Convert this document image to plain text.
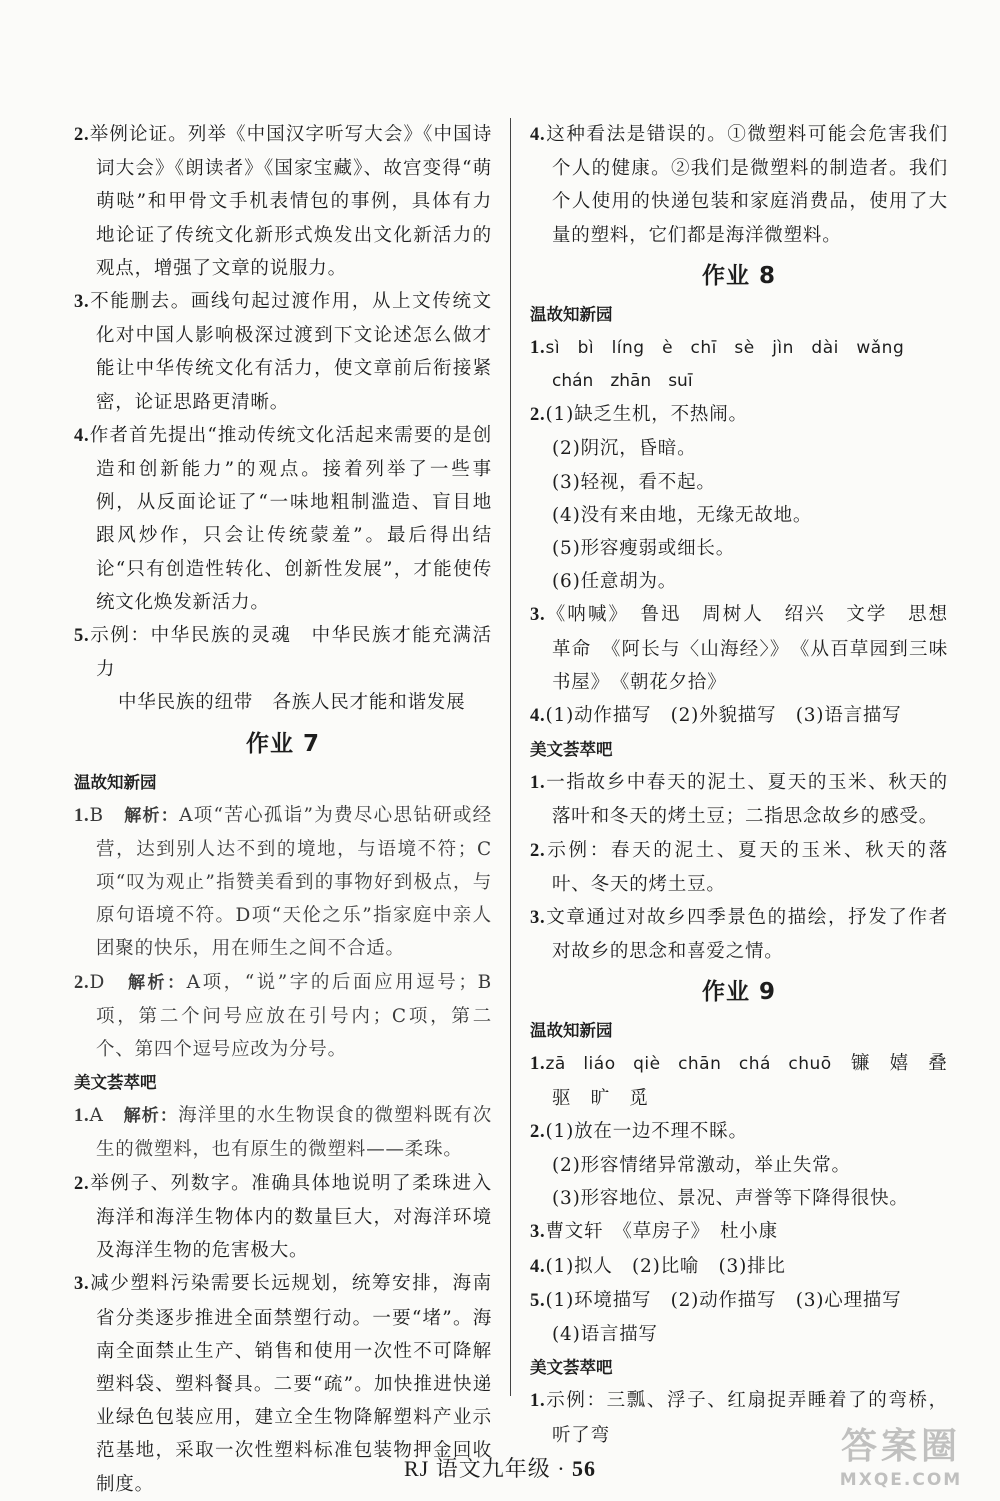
2.举例论证。列举《中国汉字听写大会》《中国诗词大会》《朗读者》《国家宝藏》、故宫变得“萌萌哒”和甲骨文手机表情包的事例，具体有力地论证了传统文化新形式焕发出文化新活力的观点，增强了文章的说服力。

3.不能删去。画线句起过渡作用，从上文传统文化对中国人影响极深过渡到下文论述怎么做才能让中华传统文化有活力，使文章前后衔接紧密，论证思路更清晰。

4.作者首先提出“推动传统文化活起来需要的是创造和创新能力”的观点。接着列举了一些事例，从反面论证了“一味地粗制滥造、盲目地跟风炒作，只会让传统蒙羞”。最后得出结论“只有创造性转化、创新性发展”，才能使传统文化焕发新活力。

5.示例：中华民族的灵魂　中华民族才能充满活力

中华民族的纽带　各族人民才能和谐发展
作业 7
温故知新园

1.B　解析：A项“苦心孤诣”为费尽心思钻研或经营，达到别人达不到的境地，与语境不符；C项“叹为观止”指赞美看到的事物好到极点，与原句语境不符。D项“天伦之乐”指家庭中亲人团聚的快乐，用在师生之间不合适。

2.D　解析：A项，“说”字的后面应用逗号；B项，第二个问号应放在引号内；C项，第二个、第四个逗号应改为分号。

美文荟萃吧

1.A　解析：海洋里的水生物误食的微塑料既有次生的微塑料，也有原生的微塑料——柔珠。

2.举例子、列数字。准确具体地说明了柔珠进入海洋和海洋生物体内的数量巨大，对海洋环境及海洋生物的危害极大。

3.减少塑料污染需要长远规划，统筹安排，海南省分类逐步推进全面禁塑行动。一要“堵”。海南全面禁止生产、销售和使用一次性不可降解塑料袋、塑料餐具。二要“疏”。加快推进快递业绿色包装应用，建立全生物降解塑料产业示范基地，采取一次性塑料标准包装物押金回收制度。

4.这种看法是错误的。①微塑料可能会危害我们个人的健康。②我们是微塑料的制造者。我们个人使用的快递包装和家庭消费品，使用了大量的塑料，它们都是海洋微塑料。

作业 8
温故知新园

1.sì　bì　líng　è　chī　sè　jìn　dài　wǎng

chán　zhān　suī

2.(1)缺乏生机，不热闹。

(2)阴沉，昏暗。
(3)轻视，看不起。
(4)没有来由地，无缘无故地。
(5)形容瘦弱或细长。
(6)任意胡为。

3.《呐喊》　鲁迅　周树人　绍兴　文学　思想　革命　《阿长与〈山海经〉》　《从百草园到三味书屋》　《朝花夕拾》

4.(1)动作描写　(2)外貌描写　(3)语言描写

美文荟萃吧

1.一指故乡中春天的泥土、夏天的玉米、秋天的落叶和冬天的烤土豆；二指思念故乡的感受。

2.示例：春天的泥土、夏天的玉米、秋天的落叶、冬天的烤土豆。

3.文章通过对故乡四季景色的描绘，抒发了作者对故乡的思念和喜爱之情。

作业 9
温故知新园

1.zā　liáo　qiè　chān　chá　chuō　 镰　嬉　叠

驱　旷　觅

2.(1)放在一边不理不睬。

(2)形容情绪异常激动，举止失常。
(3)形容地位、景况、声誉等下降得很快。

3.曹文轩　《草房子》　杜小康

4.(1)拟人　(2)比喻　(3)排比

5.(1)环境描写　(2)动作描写　(3)心理描写

(4)语言描写
美文荟萃吧

1.示例：三瓢、浮子、红扇捉弄睡着了的弯桥，听了弯

RJ 语文九年级 · 56
答案圈
MXQE.COM
